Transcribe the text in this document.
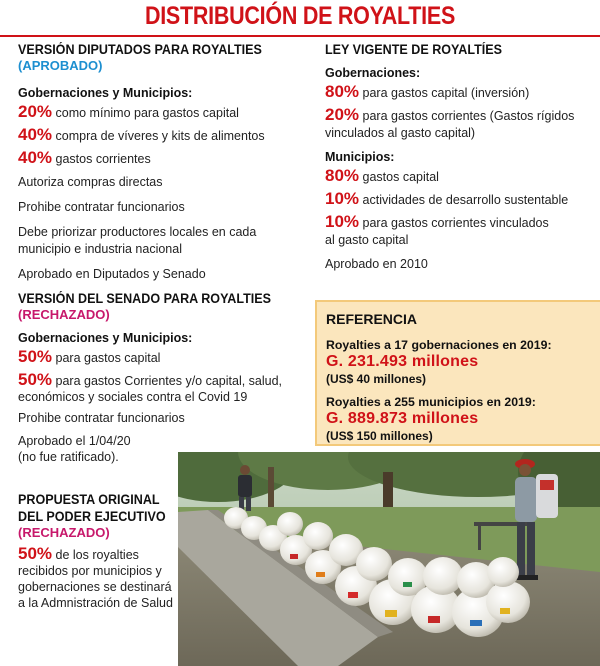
DISTRIBUCIÓN DE ROYALTIES
VERSIÓN DIPUTADOS PARA ROYALTIES
(APROBADO)
Gobernaciones y Municipios:
20% como mínimo para gastos capital
40% compra de víveres y kits de alimentos
40% gastos corrientes
Autoriza compras directas
Prohibe contratar funcionarios
Debe priorizar productores locales en cada
municipio e industria nacional
Aprobado en Diputados y Senado
LEY VIGENTE DE ROYALTÍES
Gobernaciones:
80% para gastos capital (inversión)
20% para gastos corrientes (Gastos rígidos
vinculados al gasto capital)
Municipios:
80% gastos capital
10% actividades de desarrollo sustentable
10% para gastos corrientes vinculados
al gasto capital
Aprobado en 2010
VERSIÓN DEL SENADO PARA ROYALTIES
(RECHAZADO)
Gobernaciones y Municipios:
50% para gastos capital
50% para gastos Corrientes y/o capital, salud,
económicos y sociales contra el Covid 19
Prohibe contratar funcionarios
Aprobado el 1/04/20
(no fue ratificado).
PROPUESTA ORIGINAL
DEL PODER EJECUTIVO
(RECHAZADO)
50% de los royalties
recibidos por municipios y
gobernaciones se destinará
a la Admnistración de Salud
REFERENCIA
Royalties a 17 gobernaciones en 2019:
G. 231.493 millones
(US$ 40 millones)
Royalties a 255 municipios en 2019:
G. 889.873 millones
(US$ 150 millones)
